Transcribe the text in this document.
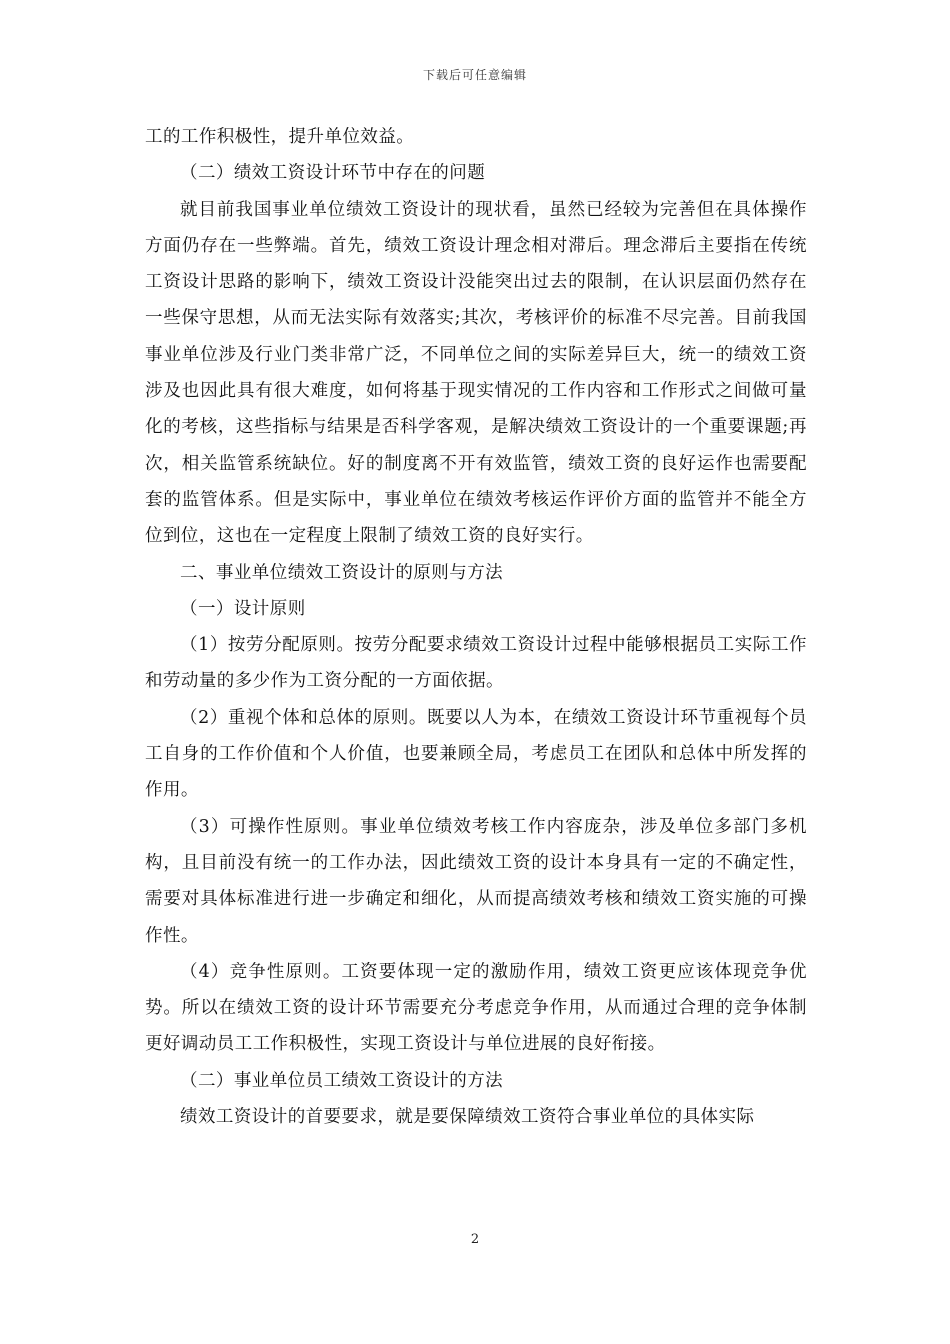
下载后可任意编辑

工的工作积极性，提升单位效益。

（二）绩效工资设计环节中存在的问题

就目前我国事业单位绩效工资设计的现状看，虽然已经较为完善但在具体操作方面仍存在一些弊端。首先，绩效工资设计理念相对滞后。理念滞后主要指在传统工资设计思路的影响下，绩效工资设计没能突出过去的限制，在认识层面仍然存在一些保守思想，从而无法实际有效落实;其次，考核评价的标准不尽完善。目前我国事业单位涉及行业门类非常广泛，不同单位之间的实际差异巨大，统一的绩效工资涉及也因此具有很大难度，如何将基于现实情况的工作内容和工作形式之间做可量化的考核，这些指标与结果是否科学客观，是解决绩效工资设计的一个重要课题;再次，相关监管系统缺位。好的制度离不开有效监管，绩效工资的良好运作也需要配套的监管体系。但是实际中，事业单位在绩效考核运作评价方面的监管并不能全方位到位，这也在一定程度上限制了绩效工资的良好实行。

二、事业单位绩效工资设计的原则与方法

（一）设计原则

（1）按劳分配原则。按劳分配要求绩效工资设计过程中能够根据员工实际工作和劳动量的多少作为工资分配的一方面依据。

（2）重视个体和总体的原则。既要以人为本，在绩效工资设计环节重视每个员工自身的工作价值和个人价值，也要兼顾全局，考虑员工在团队和总体中所发挥的作用。

（3）可操作性原则。事业单位绩效考核工作内容庞杂，涉及单位多部门多机构，且目前没有统一的工作办法，因此绩效工资的设计本身具有一定的不确定性，需要对具体标准进行进一步确定和细化，从而提高绩效考核和绩效工资实施的可操作性。

（4）竞争性原则。工资要体现一定的激励作用，绩效工资更应该体现竞争优势。所以在绩效工资的设计环节需要充分考虑竞争作用，从而通过合理的竞争体制更好调动员工工作积极性，实现工资设计与单位进展的良好衔接。

（二）事业单位员工绩效工资设计的方法

绩效工资设计的首要要求，就是要保障绩效工资符合事业单位的具体实际

2
